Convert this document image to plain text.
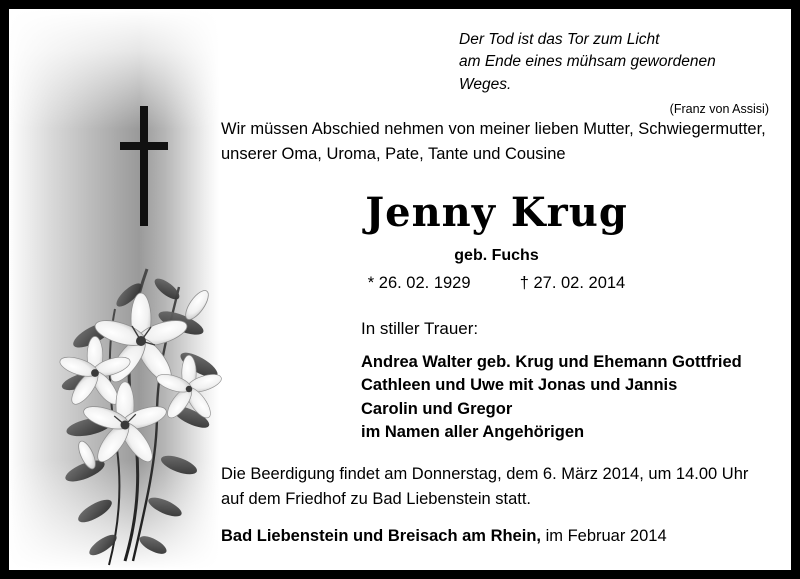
Der Tod ist das Tor zum Licht
am Ende eines mühsam gewordenen Weges.
(Franz von Assisi)
Wir müssen Abschied nehmen von meiner lieben Mutter, Schwiegermutter, unserer Oma, Uroma, Pate, Tante und Cousine
Jenny Krug
geb. Fuchs
* 26. 02. 1929	† 27. 02. 2014
In stiller Trauer:
Andrea Walter geb. Krug und Ehemann Gottfried
Cathleen und Uwe mit Jonas und Jannis
Carolin und Gregor
im Namen aller Angehörigen
Die Beerdigung findet am Donnerstag, dem 6. März 2014, um 14.00 Uhr
auf dem Friedhof zu Bad Liebenstein statt.
Bad Liebenstein und Breisach am Rhein, im Februar 2014
